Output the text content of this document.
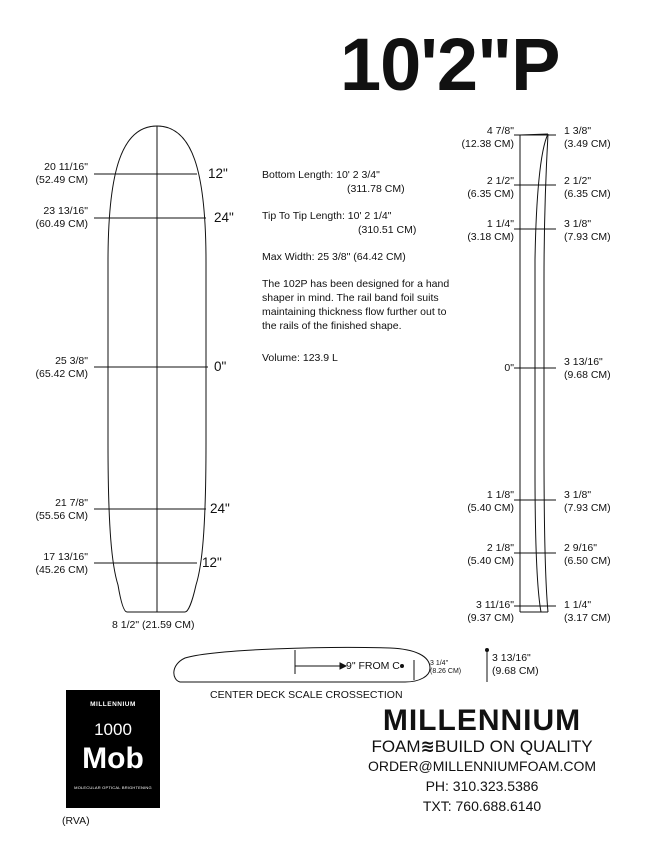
10'2"P
20 11/16"
(52.49 CM)
23 13/16"
(60.49 CM)
25 3/8"
(65.42 CM)
21 7/8"
(55.56 CM)
17 13/16"
(45.26 CM)
12"
24"
0"
24"
12"
8 1/2" (21.59 CM)

Bottom Length: 10' 2 3/4"

(311.78 CM)

Tip To Tip Length: 10' 2 1/4"

(310.51 CM)

Max Width: 25 3/8" (64.42 CM)

The 102P has been designed for a hand shaper in mind. The rail band foil suits maintaining thickness flow further out to the rails of the finished shape.

Volume: 123.9 L

4 7/8"
(12.38 CM)
2 1/2"
(6.35 CM)
1 1/4"
(3.18 CM)
0"
1 1/8"
(5.40 CM)
2 1/8"
(5.40 CM)
3 11/16"
(9.37 CM)
1 3/8"
(3.49 CM)
2 1/2"
(6.35 CM)
3 1/8"
(7.93 CM)
3 13/16"
(9.68 CM)
3 1/8"
(7.93 CM)
2 9/16"
(6.50 CM)
1 1/4"
(3.17 CM)
9" FROM C	3 1/4"
(8.26 CM)
3 13/16"
(9.68 CM)
CENTER DECK SCALE CROSSECTION
MILLENNIUM
1000
Mob
MOLECULAR OPTICAL BRIGHTENING
(RVA)
MILLENNIUM
FOAM≋BUILD ON QUALITY
ORDER@MILLENNIUMFOAM.COM
PH: 310.323.5386
TXT: 760.688.6140
